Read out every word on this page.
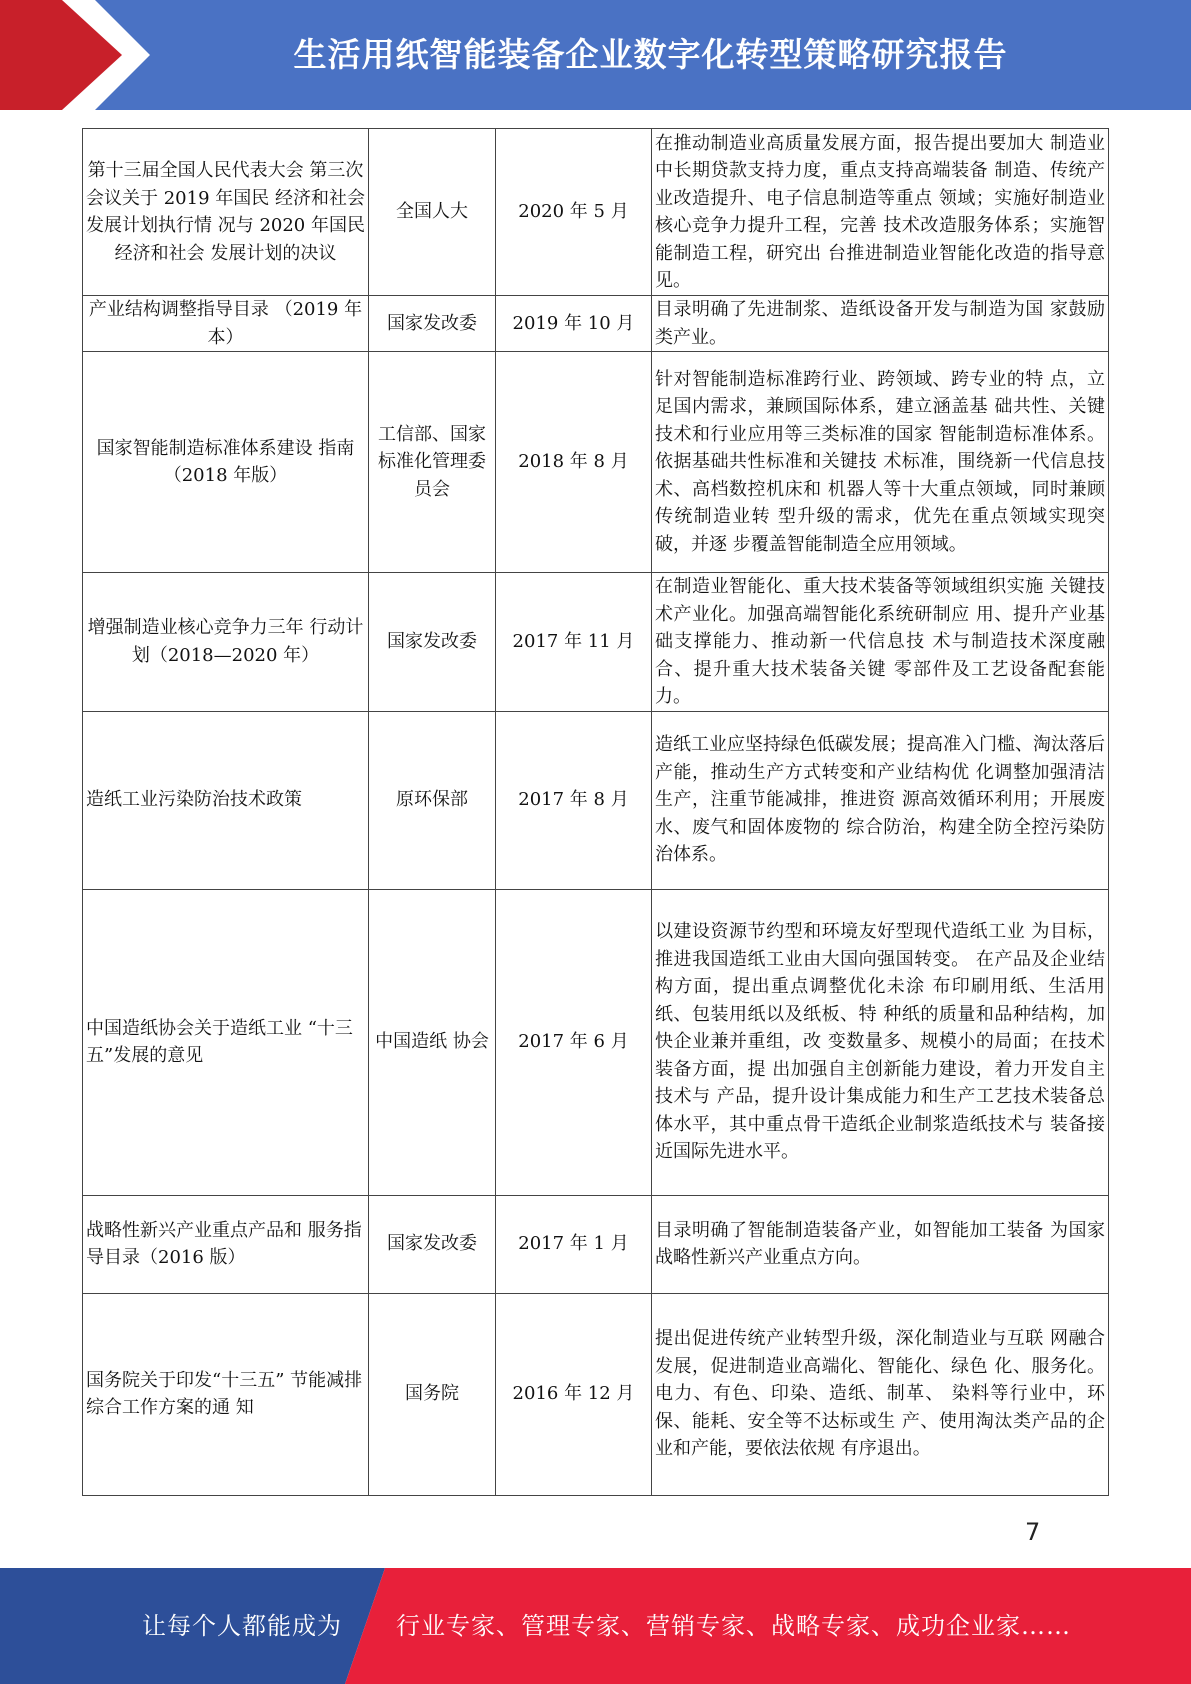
生活用纸智能装备企业数字化转型策略研究报告
第十三届全国人民代表大会 第三次会议关于 2019 年国民 经济和社会发展计划执行情 况与 2020 年国民经济和社会 发展计划的决议	全国人大	2020 年 5 月	在推动制造业高质量发展方面，报告提出要加大 制造业中长期贷款支持力度，重点支持高端装备 制造、传统产业改造提升、电子信息制造等重点 领域；实施好制造业核心竞争力提升工程，完善 技术改造服务体系；实施智能制造工程，研究出 台推进制造业智能化改造的指导意见。
产业结构调整指导目录 （2019 年本）	国家发改委	2019 年 10 月	目录明确了先进制浆、造纸设备开发与制造为国 家鼓励类产业。
国家智能制造标准体系建设 指南（2018 年版）	工信部、国家标准化管理委员会	2018 年 8 月	针对智能制造标准跨行业、跨领域、跨专业的特 点，立足国内需求，兼顾国际体系，建立涵盖基 础共性、关键技术和行业应用等三类标准的国家 智能制造标准体系。依据基础共性标准和关键技 术标准，围绕新一代信息技术、高档数控机床和 机器人等十大重点领域，同时兼顾传统制造业转 型升级的需求，优先在重点领域实现突破，并逐 步覆盖智能制造全应用领域。
增强制造业核心竞争力三年 行动计划（2018—2020 年）	国家发改委	2017 年 11 月	在制造业智能化、重大技术装备等领域组织实施 关键技术产业化。加强高端智能化系统研制应 用、提升产业基础支撑能力、推动新一代信息技 术与制造技术深度融合、提升重大技术装备关键 零部件及工艺设备配套能力。
造纸工业污染防治技术政策	原环保部	2017 年 8 月	造纸工业应坚持绿色低碳发展；提高准入门槛、淘汰落后产能，推动生产方式转变和产业结构优 化调整加强清洁生产，注重节能减排，推进资 源高效循环利用；开展废水、废气和固体废物的 综合防治，构建全防全控污染防治体系。
中国造纸协会关于造纸工业 “十三五”发展的意见	中国造纸 协会	2017 年 6 月	以建设资源节约型和环境友好型现代造纸工业 为目标，推进我国造纸工业由大国向强国转变。 在产品及企业结构方面，提出重点调整优化未涂 布印刷用纸、生活用纸、包装用纸以及纸板、特 种纸的质量和品种结构，加快企业兼并重组，改 变数量多、规模小的局面；在技术装备方面，提 出加强自主创新能力建设，着力开发自主技术与 产品，提升设计集成能力和生产工艺技术装备总 体水平，其中重点骨干造纸企业制浆造纸技术与 装备接近国际先进水平。
战略性新兴产业重点产品和 服务指导目录（2016 版）	国家发改委	2017 年 1 月	目录明确了智能制造装备产业，如智能加工装备 为国家战略性新兴产业重点方向。
国务院关于印发“十三五” 节能减排综合工作方案的通 知	国务院	2016 年 12 月	提出促进传统产业转型升级，深化制造业与互联 网融合发展，促进制造业高端化、智能化、绿色 化、服务化。电力、有色、印染、造纸、制革、 染料等行业中，环保、能耗、安全等不达标或生 产、使用淘汰类产品的企业和产能，要依法依规 有序退出。
7
让每个人都能成为 行业专家、管理专家、营销专家、战略专家、成功企业家……
